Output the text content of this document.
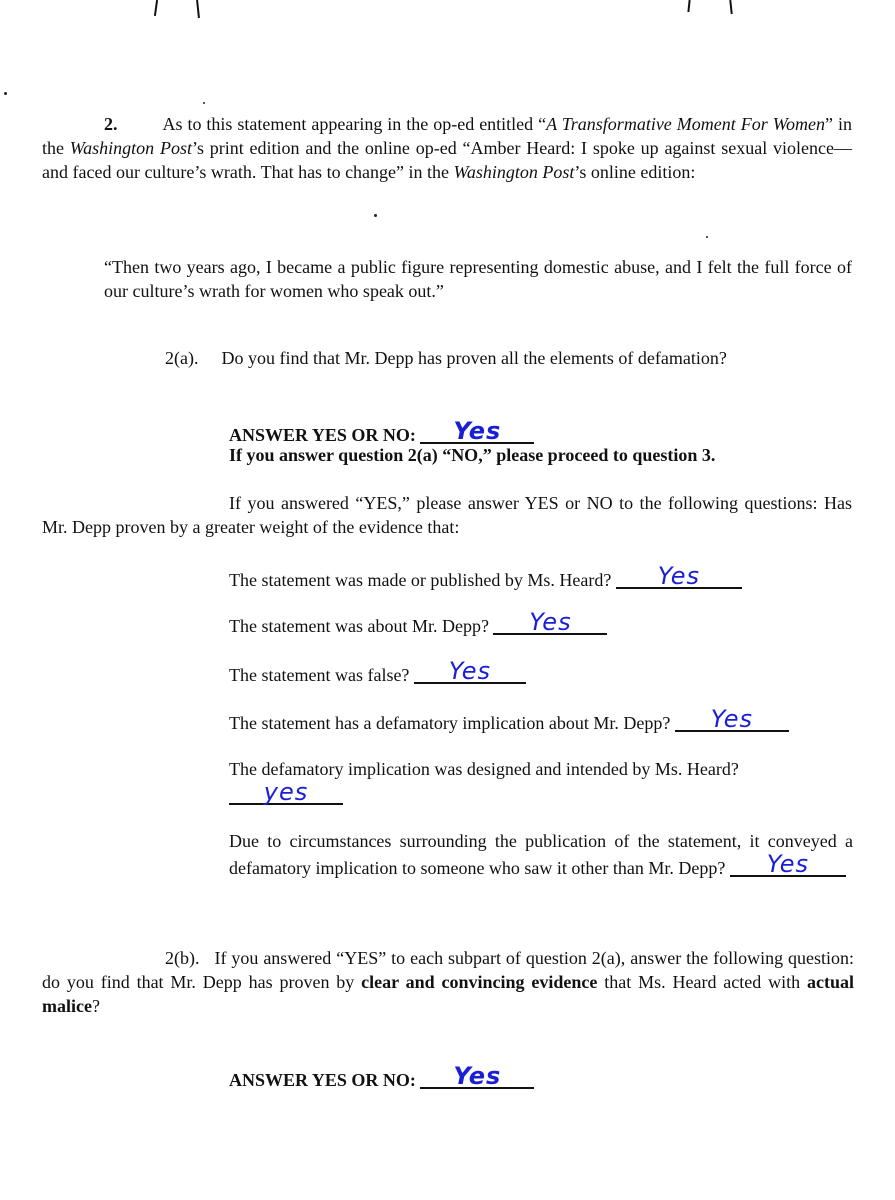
2. As to this statement appearing in the op-ed entitled “A Transformative Moment For Women” in the Washington Post’s print edition and the online op-ed “Amber Heard: I spoke up against sexual violence—and faced our culture’s wrath. That has to change” in the Washington Post’s online edition:
“Then two years ago, I became a public figure representing domestic abuse, and I felt the full force of our culture’s wrath for women who speak out.”
2(a). Do you find that Mr. Depp has proven all the elements of defamation?
ANSWER YES OR NO:	Yes
If you answer question 2(a) “NO,” please proceed to question 3.
If you answered “YES,” please answer YES or NO to the following questions: Has Mr. Depp proven by a greater weight of the evidence that:
The statement was made or published by Ms. Heard?	Yes
The statement was about Mr. Depp?	Yes
The statement was false?	Yes
The statement has a defamatory implication about Mr. Depp?	Yes
The defamatory implication was designed and intended by Ms. Heard?

yes
Due to circumstances surrounding the publication of the statement, it conveyed a defamatory implication to someone who saw it other than Mr. Depp?	Yes
2(b). If you answered “YES” to each subpart of question 2(a), answer the following question: do you find that Mr. Depp has proven by clear and convincing evidence that Ms. Heard acted with actual malice?
ANSWER YES OR NO:	Yes
